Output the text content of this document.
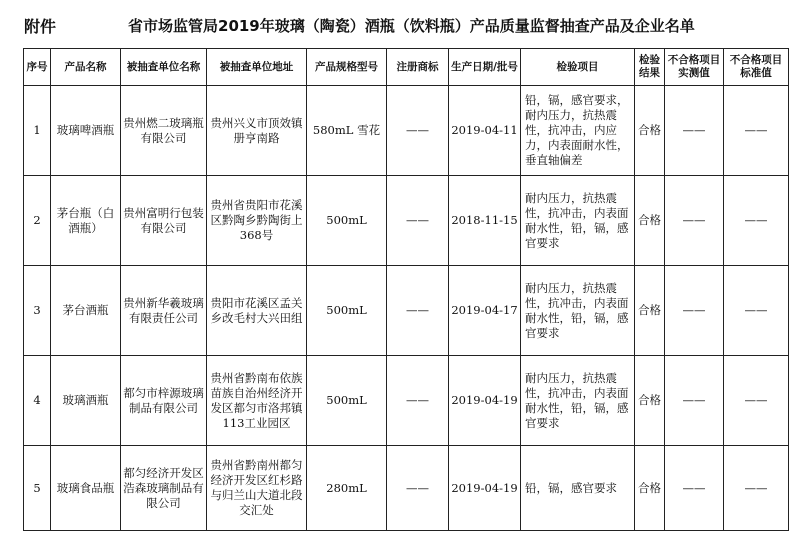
附件	省市场监管局2019年玻璃（陶瓷）酒瓶（饮料瓶）产品质量监督抽查产品及企业名单
序号	产品名称	被抽查单位名称	被抽查单位地址	产品规格型号	注册商标	生产日期/批号	检验项目	检验结果	不合格项目实测值	不合格项目标准值
1	玻璃啤酒瓶	贵州燃二玻璃瓶有限公司	贵州兴义市顶效镇册亨南路	580mL 雪花	——	2019-04-11	铅，镉，感官要求，耐内压力，抗热震性，抗冲击，内应力，内表面耐水性，垂直轴偏差	合格	——	——
2	茅台瓶（白酒瓶）	贵州富明行包装有限公司	贵州省贵阳市花溪区黔陶乡黔陶街上368号	500mL	——	2018-11-15	耐内压力，抗热震性，抗冲击，内表面耐水性，铅，镉，感官要求	合格	——	——
3	茅台酒瓶	贵州新华羲玻璃有限责任公司	贵阳市花溪区孟关乡改毛村大兴田组	500mL	——	2019-04-17	耐内压力，抗热震性，抗冲击，内表面耐水性，铅，镉，感官要求	合格	——	——
4	玻璃酒瓶	都匀市梓源玻璃制品有限公司	贵州省黔南布依族苗族自治州经济开发区都匀市洛邦镇113工业园区	500mL	——	2019-04-19	耐内压力，抗热震性，抗冲击，内表面耐水性，铅，镉，感官要求	合格	——	——
5	玻璃食品瓶	都匀经济开发区浩森玻璃制品有限公司	贵州省黔南州都匀经济开发区红杉路与归兰山大道北段交汇处	280mL	——	2019-04-19	铅，镉，感官要求	合格	——	——
